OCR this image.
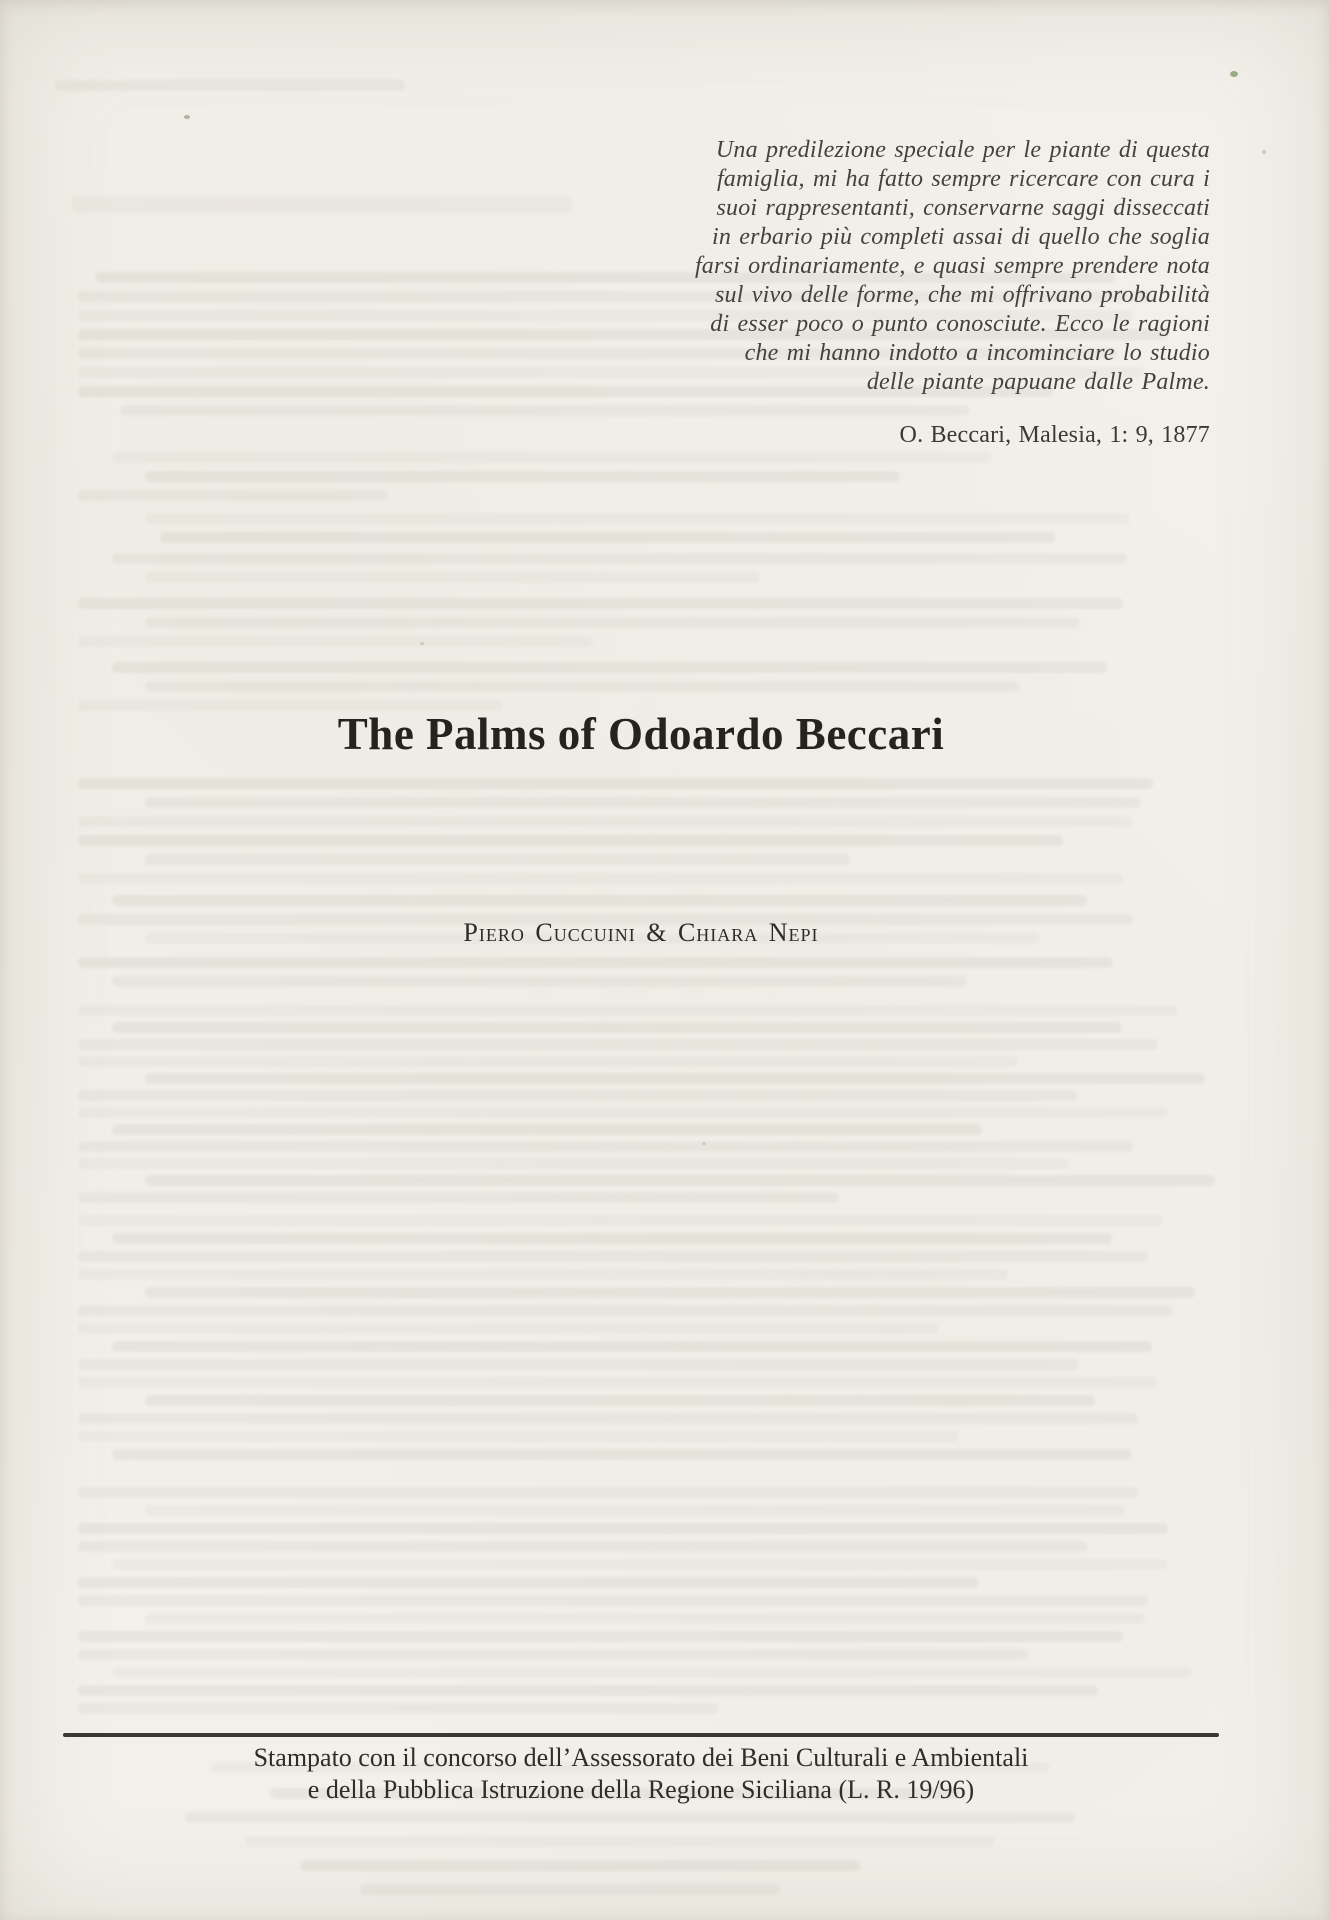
Una predilezione speciale per le piante di questa
famiglia, mi ha fatto sempre ricercare con cura i
suoi rappresentanti, conservarne saggi disseccati
in erbario più completi assai di quello che soglia
farsi ordinariamente, e quasi sempre prendere nota
sul vivo delle forme, che mi offrivano probabilità
di esser poco o punto conosciute. Ecco le ragioni
che mi hanno indotto a incominciare lo studio
delle piante papuane dalle Palme.
O. Beccari, Malesia, 1: 9, 1877
The Palms of Odoardo Beccari
Piero Cuccuini & Chiara Nepi
Stampato con il concorso dell’Assessorato dei Beni Culturali e Ambientali
e della Pubblica Istruzione della Regione Siciliana (L. R. 19/96)
